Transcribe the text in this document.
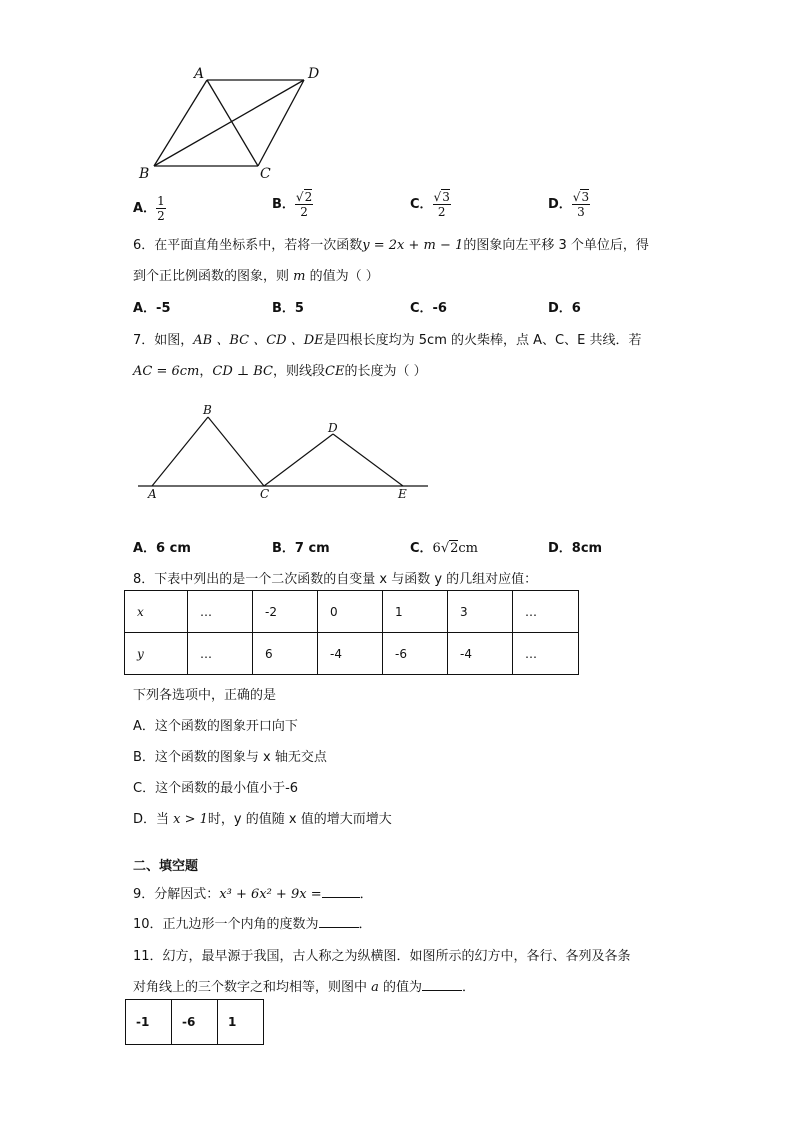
A	D
B	C
A． $\frac{1}{2}$	B． $\frac{√2}{2}$	C． $\frac{√3}{2}$	D． $\frac{√3}{3}$
6．在平面直角坐标系中，若将一次函数y = 2x + m − 1的图象向左平移 3 个单位后，得
到个正比例函数的图象，则 m 的值为（ ）
A．-5	B．5	C．-6	D．6
7．如图，AB 、BC 、CD 、DE是四根长度均为 5cm 的火柴棒，点 A、C、E 共线．若
AC = 6cm，CD ⊥ BC，则线段CE的长度为（ ）
B
D
A	C	E
A．6 cm	B．7 cm	C．6√2cm	D．8cm
8．下表中列出的是一个二次函数的自变量 x 与函数 y 的几组对应值：
x	…	-2	0	1	3	…
y	…	6	-4	-6	-4	…
下列各选项中，正确的是
A．这个函数的图象开口向下
B．这个函数的图象与 x 轴无交点
C．这个函数的最小值小于-6
D．当 x > 1时，y 的值随 x 值的增大而增大
二、填空题
9．分解因式：x³ + 6x² + 9x =	．
10．正九边形一个内角的度数为	．
11．幻方，最早源于我国，古人称之为纵横图．如图所示的幻方中，各行、各列及各条
对角线上的三个数字之和均相等，则图中 a 的值为	．
-1	-6	1
